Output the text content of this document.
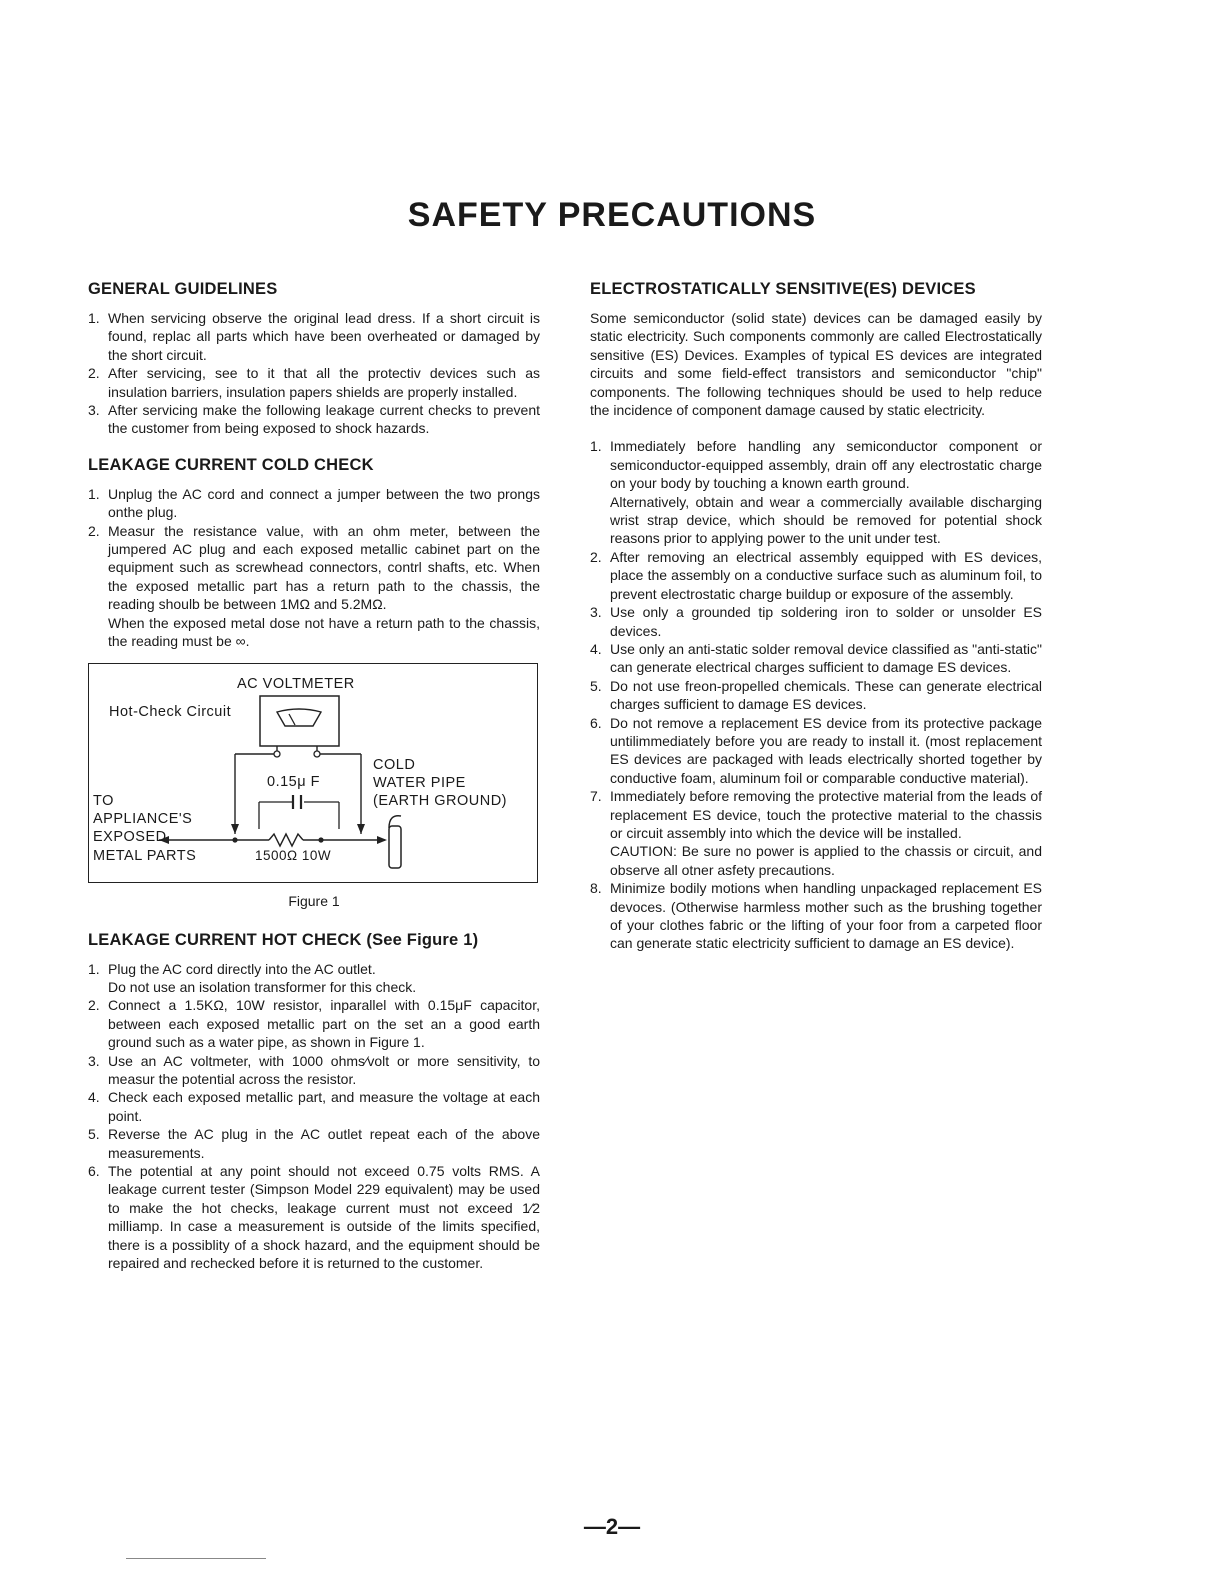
SAFETY PRECAUTIONS
GENERAL GUIDELINES
1. When servicing observe the original lead dress. If a short circuit is found, replac all parts which have been overheated or damaged by the short circuit.
2. After servicing, see to it that all the protectiv devices such as insulation barriers, insulation papers shields are properly installed.
3. After servicing make the following leakage current checks to prevent the customer from being exposed to shock hazards.
LEAKAGE CURRENT COLD CHECK
1. Unplug the AC cord and connect a jumper between the two prongs onthe plug.
2. Measur the resistance value, with an ohm meter, between the jumpered AC plug and each exposed metallic cabinet part on the equipment such as screwhead connectors, contrl shafts, etc. When the exposed metallic part has a return path to the chassis, the reading shoulb be between 1MΩ and 5.2MΩ.
When the exposed metal dose not have a return path to the chassis, the reading must be ∞.
AC VOLTMETER
Hot-Check Circuit
0.15μ F
COLD
WATER PIPE
(EARTH GROUND)
TO
APPLIANCE'S
EXPOSED
METAL PARTS	1500Ω 10W
Figure 1
LEAKAGE CURRENT HOT CHECK (See Figure 1)
1. Plug the AC cord directly into the AC outlet.
Do not use an isolation transformer for this check.
2. Connect a 1.5KΩ, 10W resistor, inparallel with 0.15μF capacitor, between each exposed metallic part on the set an a good earth ground such as a water pipe, as shown in Figure 1.
3. Use an AC voltmeter, with 1000 ohms⁄volt or more sensitivity, to measur the potential across the resistor.
4. Check each exposed metallic part, and measure the voltage at each point.
5. Reverse the AC plug in the AC outlet repeat each of the above measurements.
6. The potential at any point should not exceed 0.75 volts RMS. A leakage current tester (Simpson Model 229 equivalent) may be used to make the hot checks, leakage current must not exceed 1⁄2 milliamp. In case a measurement is outside of the limits specified, there is a possiblity of a shock hazard, and the equipment should be repaired and rechecked before it is returned to the customer.
ELECTROSTATICALLY SENSITIVE(ES) DEVICES

Some semiconductor (solid state) devices can be damaged easily by static electricity. Such components commonly are called Electrostatically sensitive (ES) Devices. Examples of typical ES devices are integrated circuits and some field-effect transistors and semiconductor "chip" components. The following techniques should be used to help reduce the incidence of component damage caused by static electricity.

1. Immediately before handling any semiconductor component or semiconductor-equipped assembly, drain off any electrostatic charge on your body by touching a known earth ground.
Alternatively, obtain and wear a commercially available discharging wrist strap device, which should be removed for potential shock reasons prior to applying power to the unit under test.
2. After removing an electrical assembly equipped with ES devices, place the assembly on a conductive surface such as aluminum foil, to prevent electrostatic charge buildup or exposure of the assembly.
3. Use only a grounded tip soldering iron to solder or unsolder ES devices.
4. Use only an anti-static solder removal device classified as "anti-static" can generate electrical charges sufficient to damage ES devices.
5. Do not use freon-propelled chemicals. These can generate electrical charges sufficient to damage ES devices.
6. Do not remove a replacement ES device from its protective package untilimmediately before you are ready to install it. (most replacement ES devices are packaged with leads electrically shorted together by conductive foam, aluminum foil or comparable conductive material).
7. Immediately before removing the protective material from the leads of replacement ES device, touch the protective material to the chassis or circuit assembly into which the device will be installed.
CAUTION: Be sure no power is applied to the chassis or circuit, and observe all otner asfety precautions.
8. Minimize bodily motions when handling unpackaged replacement ES devoces. (Otherwise harmless mother such as the brushing together of your clothes fabric or the lifting of your foor from a carpeted floor can generate static electricity sufficient to damage an ES device).
—2—
